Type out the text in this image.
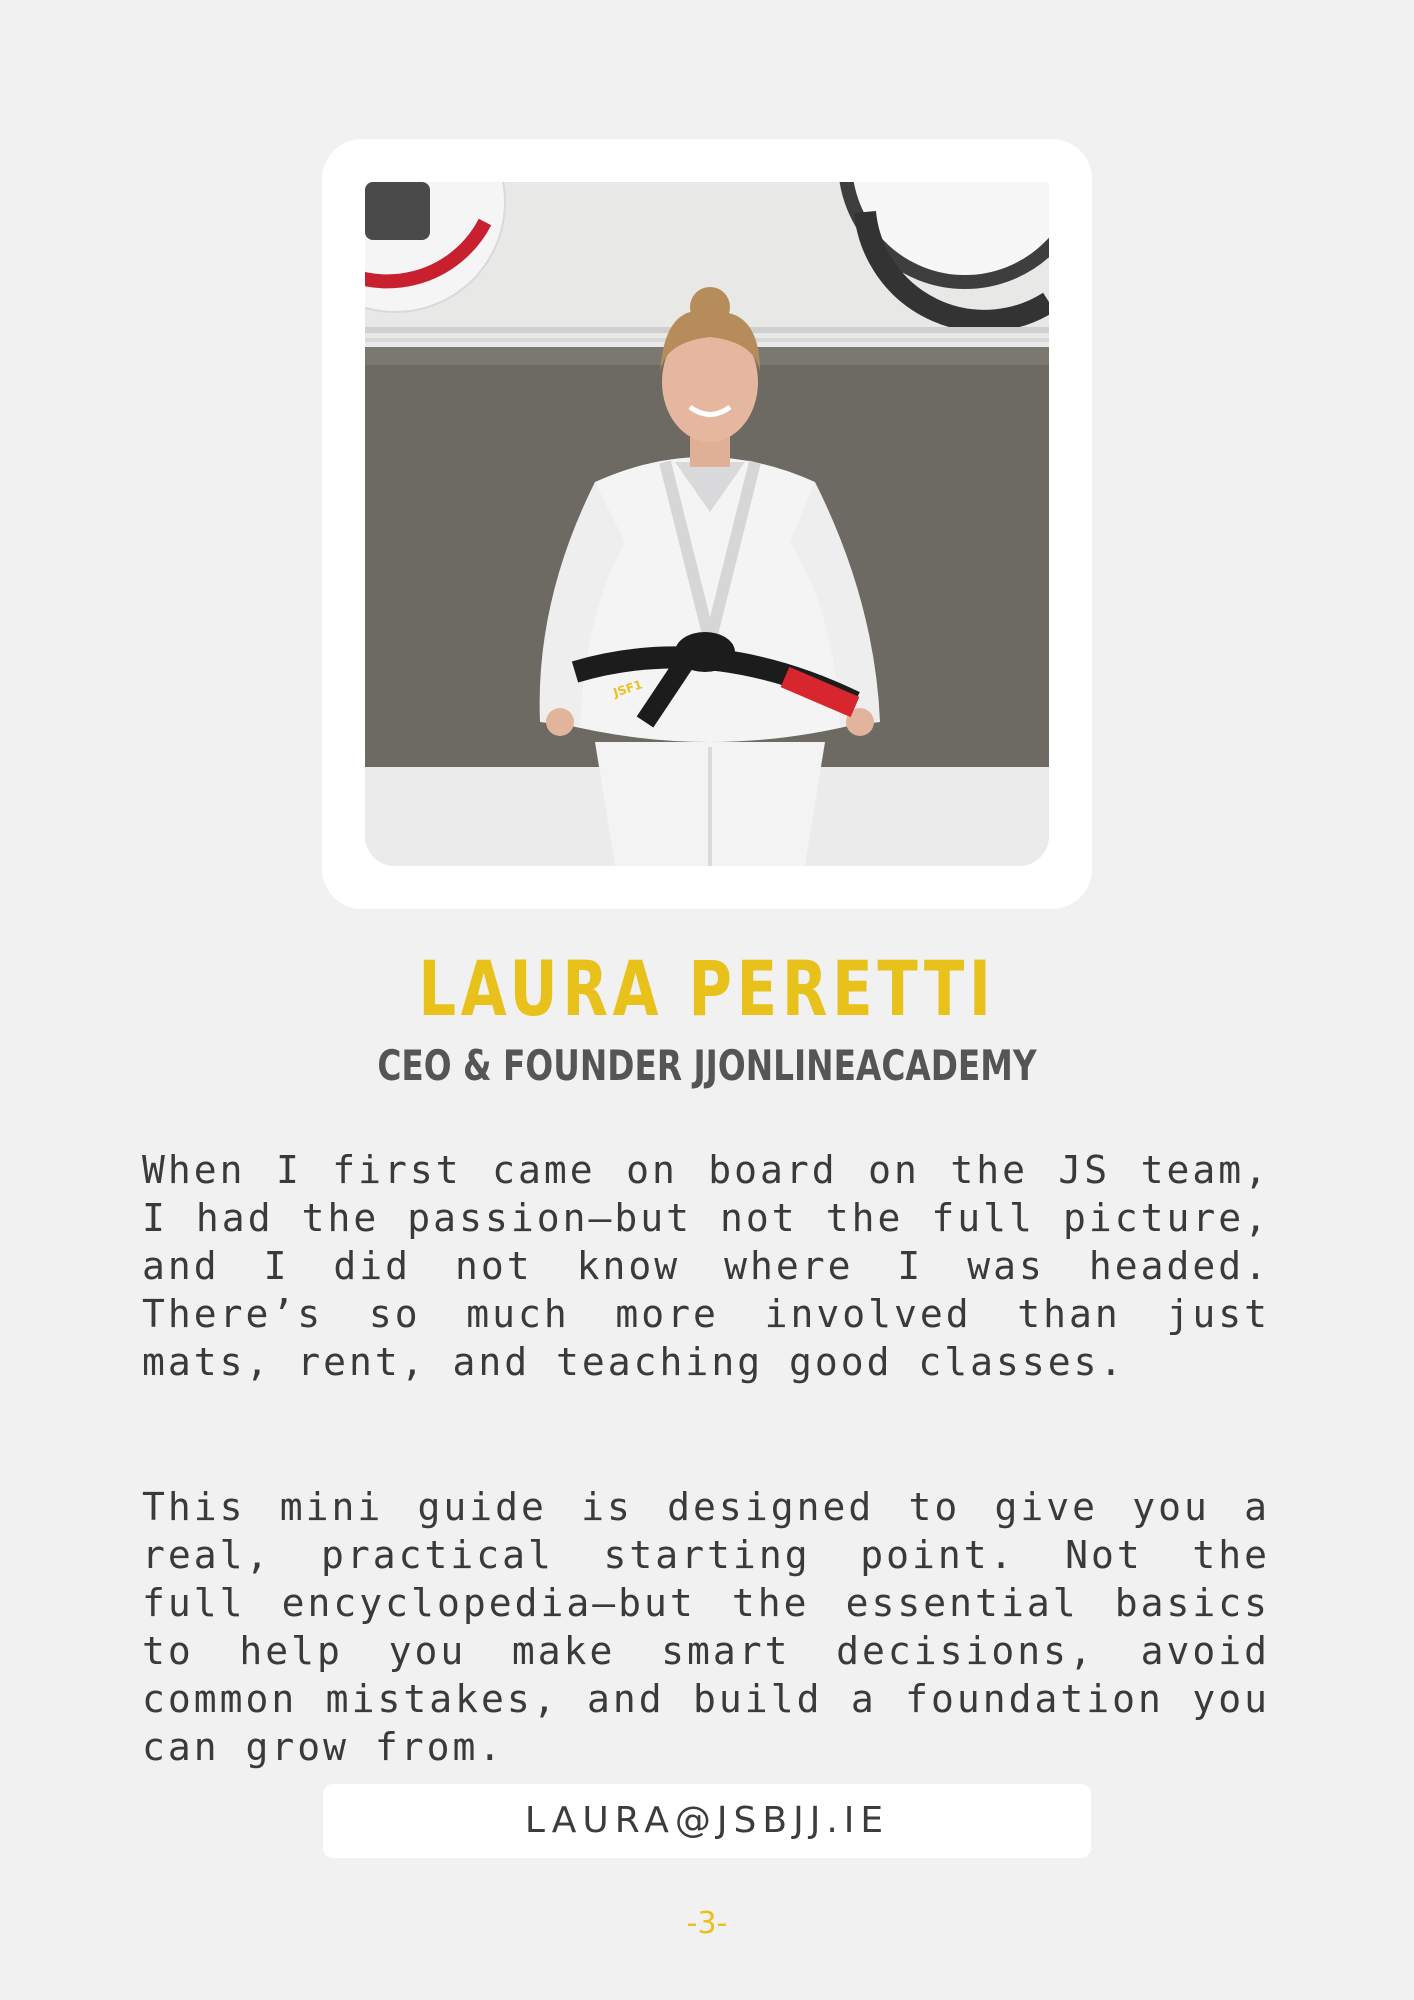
JSF1
LAURA PERETTI
CEO & FOUNDER JJONLINEACADEMY

When I first came on board on the JS team, I had the passion—but not the full picture, and I did not know where I was headed. There’s so much more involved than just mats, rent, and teaching good classes.

This mini guide is designed to give you a real, practical starting point. Not the full encyclopedia—but the essential basics to help you make smart decisions, avoid common mistakes, and build a foundation you can grow from.

LAURA@JSBJJ.IE
-3-
